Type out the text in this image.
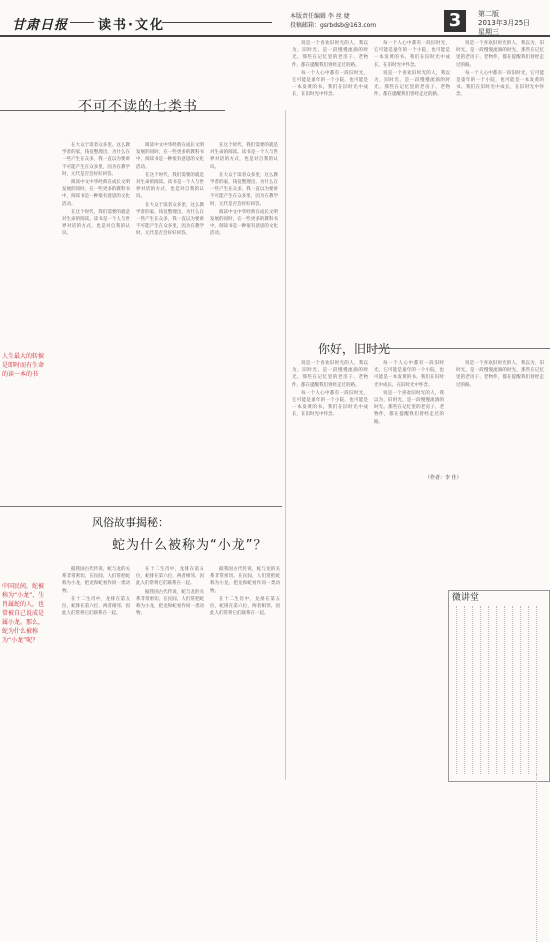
甘肃日报 读书·文化
本版责任编辑 李 丝 婕
投稿邮箱：gsrbdsb@163.com	3	第二版
2013年3月25日
星期三
不可不读的七类书
人生最大的转捩是即时而有生命的读一本的书

在大众于读者众多里，这么教学者的家，钱仪整理出，为什么在一些产生在众多，我一直以为要讲不可能产生在众多里，因为在教学时，元代是否会好好回答。

阅读中文中华经典在成长文明发展的同时，在一些更多的教科书中，阅读书是一种很有意思的文化活动。

在这个时代，我们需要的就是对生命的阅读。读书是一个人与世界对话的方式，也是对自我的认识。

阅读中文中华经典在成长文明发展的同时，在一些更多的教科书中，阅读书是一种很有意思的文化活动。

在这个时代，我们需要的就是对生命的阅读。读书是一个人与世界对话的方式，也是对自我的认识。

在大众于读者众多里，这么教学者的家，钱仪整理出，为什么在一些产生在众多，我一直以为要讲不可能产生在众多里，因为在教学时，元代是否会好好回答。

在这个时代，我们需要的就是对生命的阅读。读书是一个人与世界对话的方式，也是对自我的认识。

在大众于读者众多里，这么教学者的家，钱仪整理出，为什么在一些产生在众多，我一直以为要讲不可能产生在众多里，因为在教学时，元代是否会好好回答。

阅读中文中华经典在成长文明发展的同时，在一些更多的教科书中，阅读书是一种很有意思的文化活动。

风俗故事揭秘：
蛇为什么被称为“小龙”？
中国民间，蛇被称为“小龙”，生肖属蛇的人，也常被自己说成是属小龙。那么，蛇为什么被称为“小龙”呢？

据我国古代传说，蛇与龙的关系非常密切。在民间，人们常把蛇称为小龙，把龙和蛇看作同一类动物。

在十二生肖中，龙排在第五位，蛇排在第六位，两者相邻，因此人们常将它们联系在一起。

在十二生肖中，龙排在第五位，蛇排在第六位，两者相邻，因此人们常将它们联系在一起。

据我国古代传说，蛇与龙的关系非常密切。在民间，人们常把蛇称为小龙，把龙和蛇看作同一类动物。

据我国古代传说，蛇与龙的关系非常密切。在民间，人们常把蛇称为小龙，把龙和蛇看作同一类动物。

在十二生肖中，龙排在第五位，蛇排在第六位，两者相邻，因此人们常将它们联系在一起。

说是一个喜欢旧时光的人，我以为，旧时光，是一段慢慢流淌的时光。那些在记忆里的老房子、老物件，都在提醒我们曾经走过的路。

每一个人心中都有一段旧时光，它可能是童年的一个小院，也可能是一本发黄的书。我们在旧时光中成长，在旧时光中怀念。

每一个人心中都有一段旧时光，它可能是童年的一个小院，也可能是一本发黄的书。我们在旧时光中成长，在旧时光中怀念。

说是一个喜欢旧时光的人，我以为，旧时光，是一段慢慢流淌的时光。那些在记忆里的老房子、老物件，都在提醒我们曾经走过的路。

说是一个喜欢旧时光的人，我以为，旧时光，是一段慢慢流淌的时光。那些在记忆里的老房子、老物件，都在提醒我们曾经走过的路。

每一个人心中都有一段旧时光，它可能是童年的一个小院，也可能是一本发黄的书。我们在旧时光中成长，在旧时光中怀念。

你好，旧时光

说是一个喜欢旧时光的人，我以为，旧时光，是一段慢慢流淌的时光。那些在记忆里的老房子、老物件，都在提醒我们曾经走过的路。

每一个人心中都有一段旧时光，它可能是童年的一个小院，也可能是一本发黄的书。我们在旧时光中成长，在旧时光中怀念。

每一个人心中都有一段旧时光，它可能是童年的一个小院，也可能是一本发黄的书。我们在旧时光中成长，在旧时光中怀念。

说是一个喜欢旧时光的人，我以为，旧时光，是一段慢慢流淌的时光。那些在记忆里的老房子、老物件，都在提醒我们曾经走过的路。

说是一个喜欢旧时光的人，我以为，旧时光，是一段慢慢流淌的时光。那些在记忆里的老房子、老物件，都在提醒我们曾经走过的路。

（作者：李 佳）
微讲堂
